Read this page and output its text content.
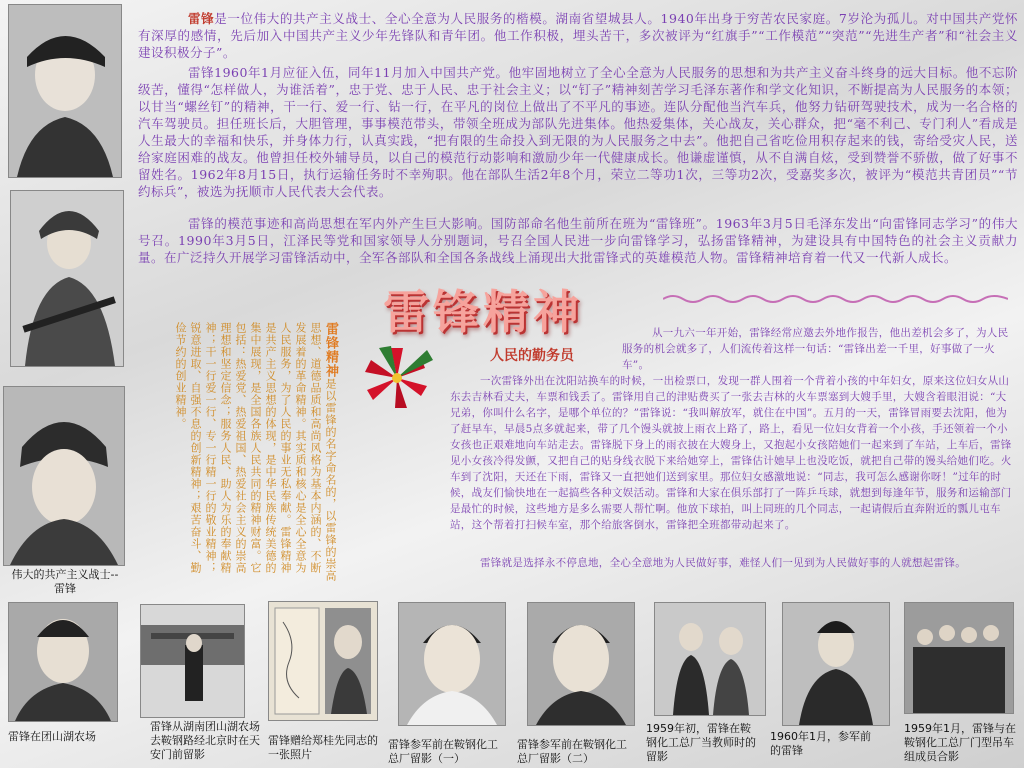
伟大的共产主义战士--雷锋
雷锋是一位伟大的共产主义战士、全心全意为人民服务的楷模。湖南省望城县人。1940年出身于穷苦农民家庭。7岁沦为孤儿。对中国共产党怀有深厚的感情，先后加入中国共产主义少年先锋队和青年团。他工作积极，埋头苦干，多次被评为“红旗手”“工作模范”“突范”“先进生产者”和“社会主义建设积极分子”。
雷锋1960年1月应征入伍，同年11月加入中国共产党。他牢固地树立了全心全意为人民服务的思想和为共产主义奋斗终身的远大目标。他不忘阶级苦，懂得“怎样做人，为谁活着”，忠于党、忠于人民、忠于社会主义；以“钉子”精神刻苦学习毛泽东著作和学文化知识，不断提高为人民服务的本领；以甘当“螺丝钉”的精神，干一行、爱一行、钻一行，在平凡的岗位上做出了不平凡的事迹。连队分配他当汽车兵，他努力钻研驾驶技术，成为一名合格的汽车驾驶员。担任班长后，大胆管理，事事模范带头，带领全班成为部队先进集体。他热爱集体，关心战友，关心群众，把“毫不利己、专门利人”看成是人生最大的幸福和快乐，并身体力行，认真实践，“把有限的生命投入到无限的为人民服务之中去”。他把自己省吃俭用积存起来的钱，寄给受灾人民，送给家庭困难的战友。他曾担任校外辅导员，以自己的模范行动影响和激励少年一代健康成长。他谦虚谨慎，从不自满自炫，受到赞誉不骄傲，做了好事不留姓名。1962年8月15日，执行运输任务时不幸殉职。他在部队生活2年8个月，荣立二等功1次，三等功2次，受嘉奖多次，被评为“模范共青团员”“节约标兵”，被选为抚顺市人民代表大会代表。
雷锋的模范事迹和高尚思想在军内外产生巨大影响。国防部命名他生前所在班为“雷锋班”。1963年3月5日毛泽东发出“向雷锋同志学习”的伟大号召。1990年3月5日，江泽民等党和国家领导人分别题词，号召全国人民进一步向雷锋学习，弘扬雷锋精神，为建设具有中国特色的社会主义贡献力量。在广泛持久开展学习雷锋活动中，全军各部队和全国各条战线上涌现出大批雷锋式的英雄模范人物。雷锋精神培育着一代又一代新人成长。
雷锋精神
雷锋精神是以雷锋的名字命名的，以雷锋的崇高思想、道德品质和高尚风格为基本内涵的、不断发展着的革命精神。其实质和核心是全心全意为人民服务，为了人民的事业无私奉献。雷锋精神是共产主义思想的体现，是中华民族传统美德的集中展现，是全国各族人民共同的精神财富。它包括：热爱党、热爱祖国、热爱社会主义的崇高理想和坚定信念；服务人民、助人为乐的奉献精神；干一行爱一行、专一行精一行的敬业精神；锐意进取、自强不息的创新精神；艰苦奋斗、勤俭节约的创业精神。	人民的勤务员
从一九六一年开始，雷锋经常应邀去外地作报告，他出差机会多了，为人民服务的机会就多了，人们流传着这样一句话：“雷锋出差一千里，好事做了一火车”。
一次雷锋外出在沈阳站换车的时候，一出检票口，发现一群人围着一个背着小孩的中年妇女，原来这位妇女从山东去吉林看丈夫，车票和钱丢了。雷锋用自己的津贴费买了一张去吉林的火车票塞到大嫂手里，大嫂含着眼泪说：“大兄弟，你叫什么名字，是哪个单位的？”雷锋说：“我叫解放军，就住在中国”。五月的一天，雷锋冒雨要去沈阳，他为了赶早车，早晨5点多就起来，带了几个馒头就披上雨衣上路了，路上，看见一位妇女背着一个小孩，手还领着一个小女孩也正艰难地向车站走去。雷锋脱下身上的雨衣披在大嫂身上，又抱起小女孩陪她们一起来到了车站，上车后，雷锋见小女孩冷得发颤，又把自己的贴身线衣脱下来给她穿上，雷锋估计她早上也没吃饭，就把自己带的馒头给她们吃。火车到了沈阳，天还在下雨，雷锋又一直把她们送到家里。那位妇女感激地说：“同志，我可怎么感谢你呀！”过年的时候，战友们愉快地在一起搞些各种文娱活动。雷锋和大家在俱乐部打了一阵乒乓球，就想到每逢年节，服务和运输部门是最忙的时候，这些地方是多么需要人帮忙啊。他放下球拍，叫上同班的几个同志，一起请假后直奔附近的瓢儿屯车站，这个帮着打扫候车室，那个给旅客倒水，雷锋把全班都带动起来了。
雷锋就是选择永不停息地，全心全意地为人民做好事，难怪人们一见到为人民做好事的人就想起雷锋。
雷锋在团山湖农场
雷锋从湖南团山湖农场去鞍钢路经北京时在天安门前留影
雷锋赠给郑桂先同志的一张照片
雷锋参军前在鞍钢化工总厂留影（一）
雷锋参军前在鞍钢化工总厂留影（二）
1959年初，雷锋在鞍钢化工总厂当教师时的留影
1960年1月，参军前的雷锋
1959年1月，雷锋与在鞍钢化工总厂门型吊车组成员合影
